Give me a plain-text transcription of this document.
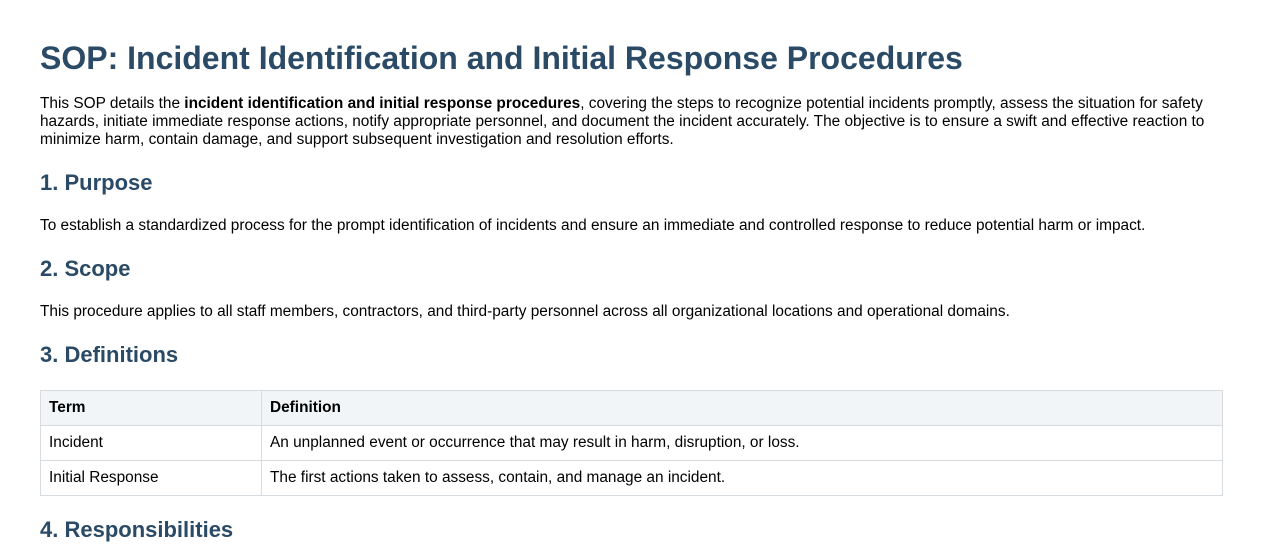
SOP: Incident Identification and Initial Response Procedures

This SOP details the incident identification and initial response procedures, covering the steps to recognize potential incidents promptly, assess the situation for safety hazards, initiate immediate response actions, notify appropriate personnel, and document the incident accurately. The objective is to ensure a swift and effective reaction to minimize harm, contain damage, and support subsequent investigation and resolution efforts.

1. Purpose

To establish a standardized process for the prompt identification of incidents and ensure an immediate and controlled response to reduce potential harm or impact.

2. Scope

This procedure applies to all staff members, contractors, and third-party personnel across all organizational locations and operational domains.

3. Definitions
Term	Definition
Incident	An unplanned event or occurrence that may result in harm, disruption, or loss.
Initial Response	The first actions taken to assess, contain, and manage an incident.
4. Responsibilities
